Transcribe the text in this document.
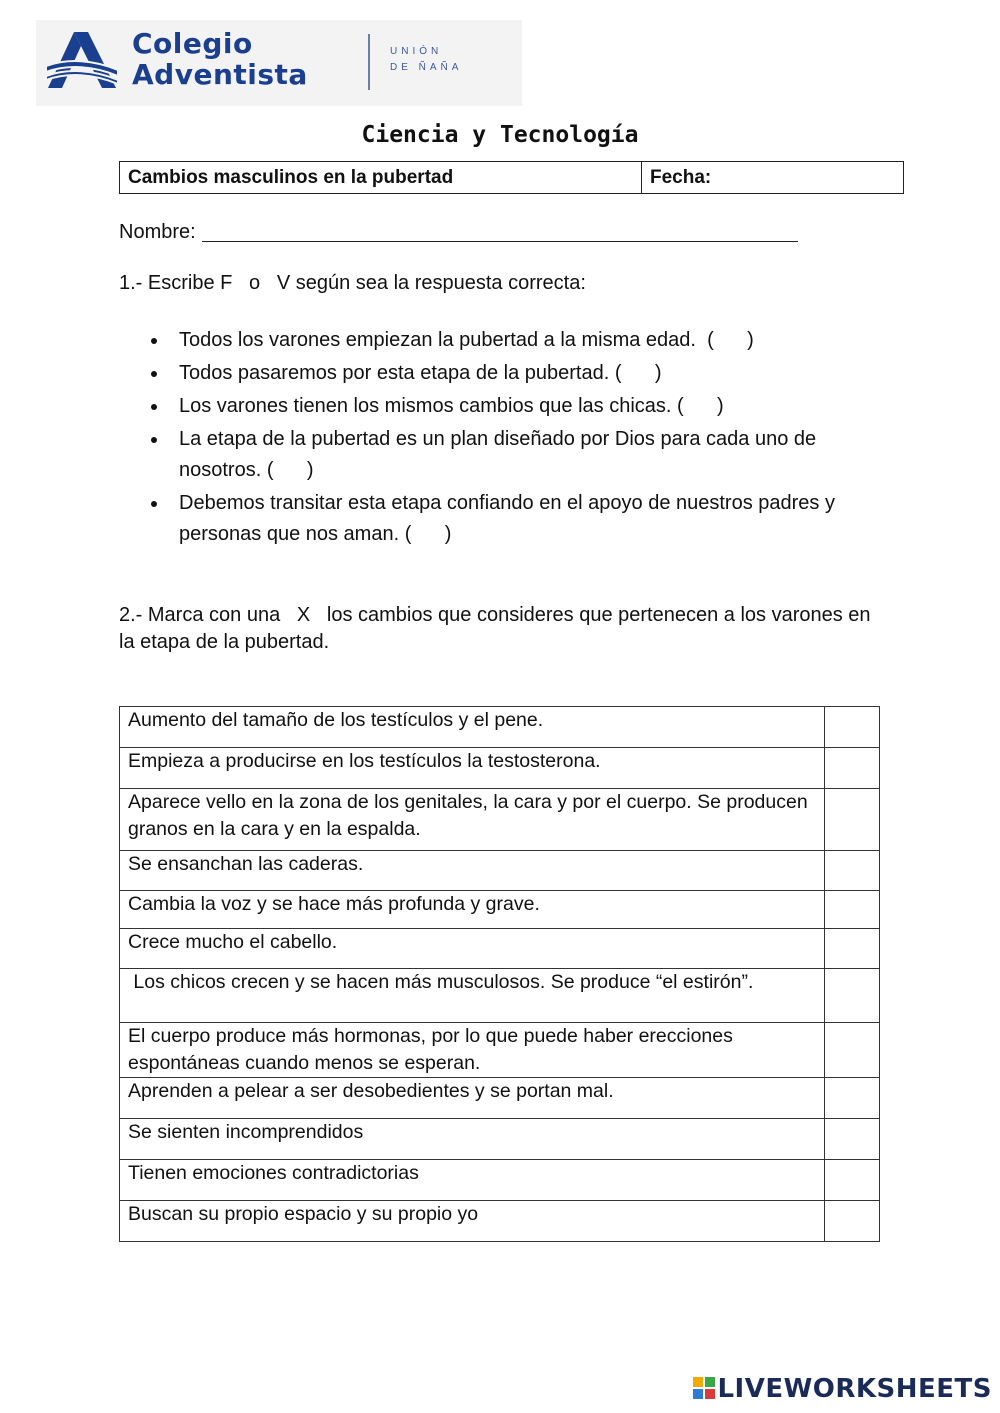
Colegio
Adventista
UNIÓN
DE ÑAÑA
Ciencia y Tecnología
Cambios masculinos en la pubertad	Fecha:
Nombre:
1.- Escribe F   o   V según sea la respuesta correcta:
Todos los varones empiezan la pubertad a la misma edad.  (      )
Todos pasaremos por esta etapa de la pubertad. (      )
Los varones tienen los mismos cambios que las chicas. (      )
La etapa de la pubertad es un plan diseñado por Dios para cada uno de nosotros. (      )
Debemos transitar esta etapa confiando en el apoyo de nuestros padres y personas que nos aman. (      )
2.- Marca con una   X   los cambios que consideres que pertenecen a los varones en la etapa de la pubertad.
Aumento del tamaño de los testículos y el pene.	
Empieza a producirse en los testículos la testosterona.	
Aparece vello en la zona de los genitales, la cara y por el cuerpo. Se producen granos en la cara y en la espalda.	
Se ensanchan las caderas.	
Cambia la voz y se hace más profunda y grave.	
Crece mucho el cabello.	
Los chicos crecen y se hacen más musculosos. Se produce “el estirón”.	
El cuerpo produce más hormonas, por lo que puede haber erecciones espontáneas cuando menos se esperan.	
Aprenden a pelear a ser desobedientes y se portan mal.	
Se sienten incomprendidos	
Tienen emociones contradictorias	
Buscan su propio espacio y su propio yo	
LIVEWORKSHEETS
